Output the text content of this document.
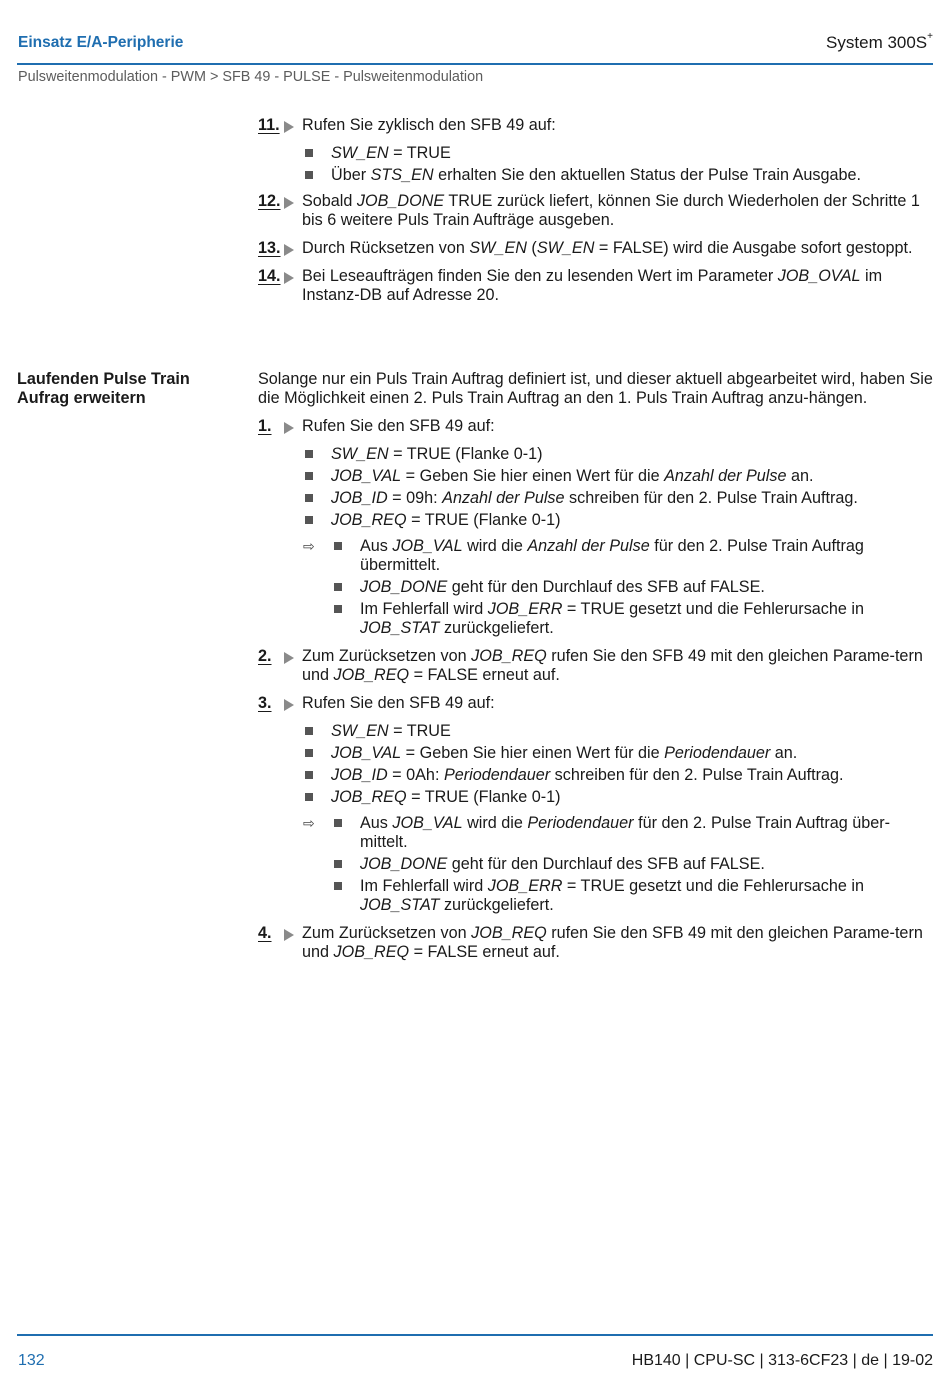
Einsatz E/A-Peripherie	System 300S+
Pulsweitenmodulation - PWM > SFB 49 - PULSE - Pulsweitenmodulation
11.	Rufen Sie zyklisch den SFB 49 auf:
SW_EN = TRUE
Über STS_EN erhalten Sie den aktuellen Status der Pulse Train Ausgabe.
12.	Sobald JOB_DONE TRUE zurück liefert, können Sie durch Wiederholen der Schritte 1 bis 6 weitere Puls Train Aufträge ausgeben.
13.	Durch Rücksetzen von SW_EN (SW_EN = FALSE) wird die Ausgabe sofort gestoppt.
14.	Bei Leseaufträgen finden Sie den zu lesenden Wert im Parameter JOB_OVAL im Instanz-DB auf Adresse 20.
Laufenden Pulse Train
Aufrag erweitern

Solange nur ein Puls Train Auftrag definiert ist, und dieser aktuell abgearbeitet wird, haben Sie die Möglichkeit einen 2. Puls Train Auftrag an den 1. Puls Train Auftrag anzu-hängen.

1.	Rufen Sie den SFB 49 auf:
SW_EN = TRUE (Flanke 0-1)
JOB_VAL = Geben Sie hier einen Wert für die Anzahl der Pulse an.
JOB_ID = 09h: Anzahl der Pulse schreiben für den 2. Pulse Train Auftrag.
JOB_REQ = TRUE (Flanke 0-1)
⇨	Aus JOB_VAL wird die Anzahl der Pulse für den 2. Pulse Train Auftrag übermittelt.
JOB_DONE geht für den Durchlauf des SFB auf FALSE.
Im Fehlerfall wird JOB_ERR = TRUE gesetzt und die Fehlerursache in JOB_STAT zurückgeliefert.
2.	Zum Zurücksetzen von JOB_REQ rufen Sie den SFB 49 mit den gleichen Parame-tern und JOB_REQ = FALSE erneut auf.
3.	Rufen Sie den SFB 49 auf:
SW_EN = TRUE
JOB_VAL = Geben Sie hier einen Wert für die Periodendauer an.
JOB_ID = 0Ah: Periodendauer schreiben für den 2. Pulse Train Auftrag.
JOB_REQ = TRUE (Flanke 0-1)
⇨	Aus JOB_VAL wird die Periodendauer für den 2. Pulse Train Auftrag über-mittelt.
JOB_DONE geht für den Durchlauf des SFB auf FALSE.
Im Fehlerfall wird JOB_ERR = TRUE gesetzt und die Fehlerursache in JOB_STAT zurückgeliefert.
4.	Zum Zurücksetzen von JOB_REQ rufen Sie den SFB 49 mit den gleichen Parame-tern und JOB_REQ = FALSE erneut auf.
132	HB140 | CPU-SC | 313-6CF23 | de | 19-02
